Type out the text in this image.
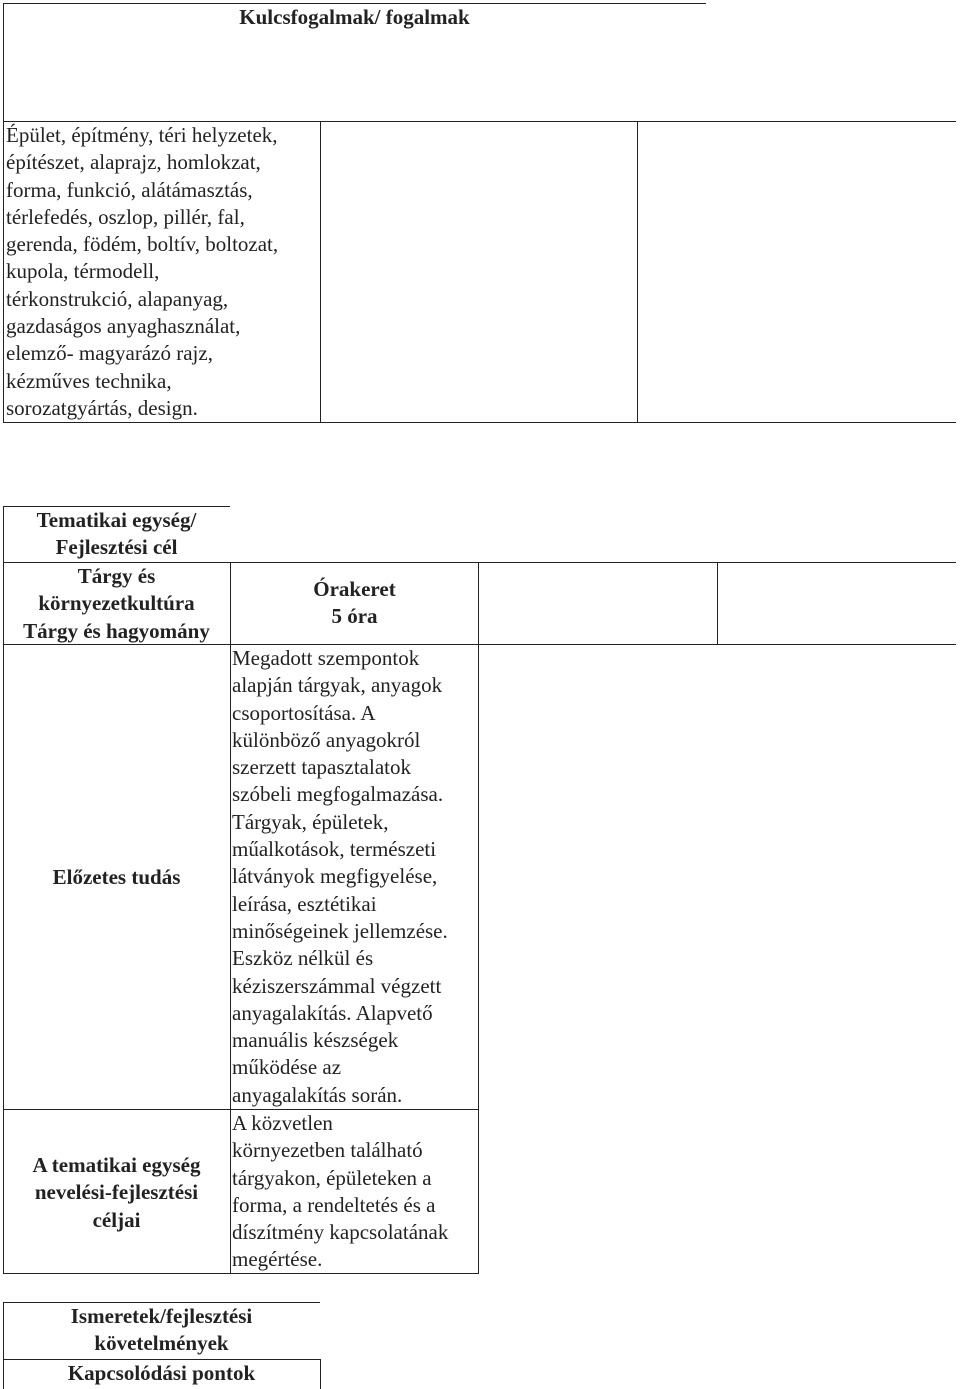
Kulcsfogalmak/ fogalmak
Épület, építmény, téri helyzetek,
építészet, alaprajz, homlokzat,
forma, funkció, alátámasztás,
térlefedés, oszlop, pillér, fal,
gerenda, födém, boltív, boltozat,
kupola, térmodell,
térkonstrukció, alapanyag,
gazdaságos anyaghasználat,
elemző- magyarázó rajz,
kézműves technika,
sorozatgyártás, design.
Tematikai egység/
Fejlesztési cél
Tárgy és
környezetkultúra
Tárgy és hagyomány
Órakeret
5 óra
Előzetes tudás
Megadott szempontok
alapján tárgyak, anyagok
csoportosítása. A
különböző anyagokról
szerzett tapasztalatok
szóbeli megfogalmazása.
Tárgyak, épületek,
műalkotások, természeti
látványok megfigyelése,
leírása, esztétikai
minőségeinek jellemzése.
Eszköz nélkül és
kéziszerszámmal végzett
anyagalakítás. Alapvető
manuális készségek
működése az
anyagalakítás során.
A tematikai egység
nevelési-fejlesztési
céljai
A közvetlen
környezetben található
tárgyakon, épületeken a
forma, a rendeltetés és a
díszítmény kapcsolatának
megértése.
Ismeretek/fejlesztési
követelmények
Kapcsolódási pontok
